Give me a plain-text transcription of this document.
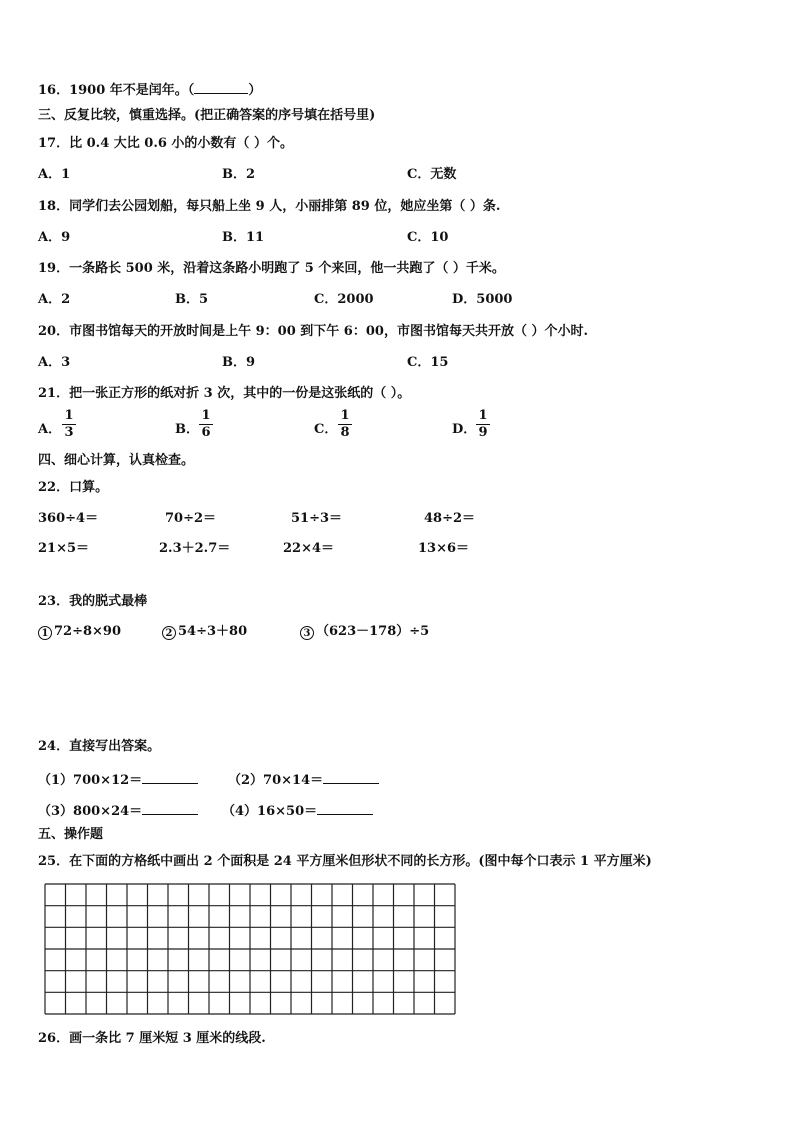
16．1900 年不是闰年。（	）
三、反复比较，慎重选择。(把正确答案的序号填在括号里)
17．比 0.4 大比 0.6 小的小数有（ ）个。
A．1	B．2	C．无数
18．同学们去公园划船，每只船上坐 9 人，小丽排第 89 位，她应坐第（ ）条.
A．9	B．11	C．10
19．一条路长 500 米，沿着这条路小明跑了 5 个来回，他一共跑了（ ）千米。
A．2	B．5	C．2000	D．5000
20．市图书馆每天的开放时间是上午 9：00 到下午 6：00，市图书馆每天共开放（ ）个小时.
A．3	B．9	C．15
21．把一张正方形的纸对折 3 次，其中的一份是这张纸的（ ）。
A．
1
3	B．
1
6	C．
1
8	D．
1
9
四、细心计算，认真检查。
22．口算。
360÷4＝	70÷2＝	51÷3＝	48÷2＝
21×5＝	2.3＋2.7＝	22×4＝	13×6＝
23．我的脱式最棒
1 72÷8×90	2 54÷3＋80	3 （623－178）÷5
24．直接写出答案。
（1）700×12＝	（2）70×14＝
（3）800×24＝	（4）16×50＝
五、操作题
25．在下面的方格纸中画出 2 个面积是 24 平方厘米但形状不同的长方形。(图中每个口表示 1 平方厘米)
26．画一条比 7 厘米短 3 厘米的线段.
